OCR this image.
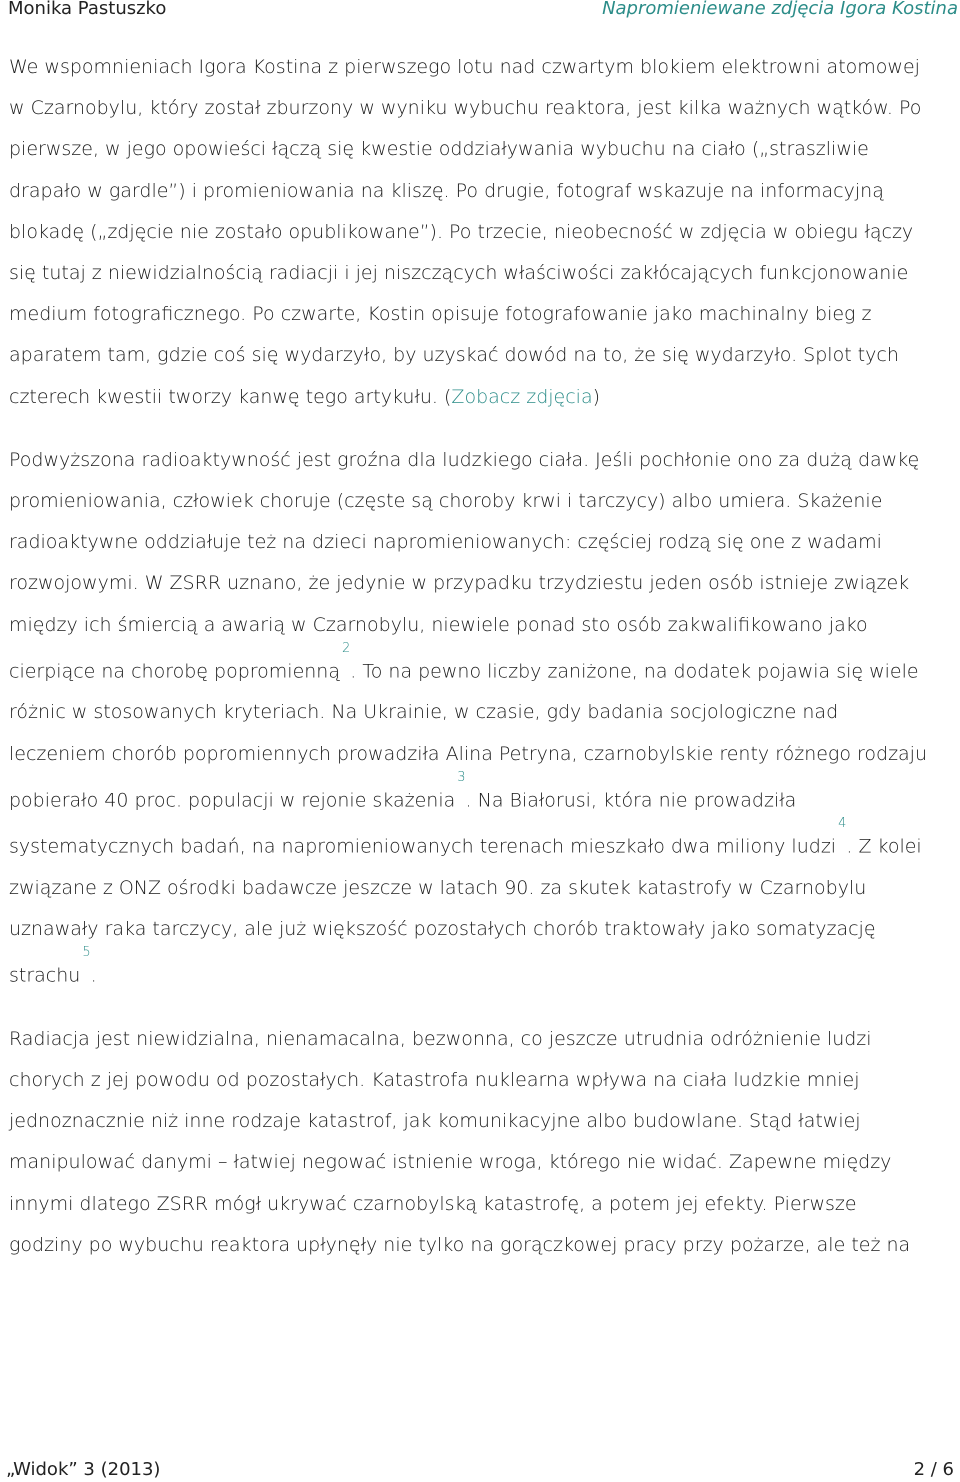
Monika Pastuszko	Napromieniewane zdjęcia Igora Kostina

We wspomnieniach Igora Kostina z pierwszego lotu nad czwartym blokiem elektrowni atomowej w Czarnobylu, który został zburzony w wyniku wybuchu reaktora, jest kilka ważnych wątków. Po pierwsze, w jego opowieści łączą się kwestie oddziaływania wybuchu na ciało („straszliwie drapało w gardle”) i promieniowania na kliszę. Po drugie, fotograf wskazuje na informacyjną blokadę („zdjęcie nie zostało opublikowane”). Po trzecie, nieobecność w zdjęcia w obiegu łączy się tutaj z niewidzialnością radiacji i jej niszczących właściwości zakłócających funkcjonowanie medium fotograficznego. Po czwarte, Kostin opisuje fotografowanie jako machinalny bieg z aparatem tam, gdzie coś się wydarzyło, by uzyskać dowód na to, że się wydarzyło. Splot tych czterech kwestii tworzy kanwę tego artykułu. (Zobacz zdjęcia)

Podwyższona radioaktywność jest groźna dla ludzkiego ciała. Jeśli pochłonie ono za dużą dawkę promieniowania, człowiek choruje (częste są choroby krwi i tarczycy) albo umiera. Skażenie radioaktywne oddziałuje też na dzieci napromieniowanych: częściej rodzą się one z wadami rozwojowymi. W ZSRR uznano, że jedynie w przypadku trzydziestu jeden osób istnieje związek między ich śmiercią a awarią w Czarnobylu, niewiele ponad sto osób zakwalifikowano jako cierpiące na chorobę popromienną$^2$. To na pewno liczby zaniżone, na dodatek pojawia się wiele różnic w stosowanych kryteriach. Na Ukrainie, w czasie, gdy badania socjologiczne nad leczeniem chorób popromiennych prowadziła Alina Petryna, czarnobylskie renty różnego rodzaju pobierało 40 proc. populacji w rejonie skażenia$^3$. Na Białorusi, która nie prowadziła systematycznych badań, na napromieniowanych terenach mieszkało dwa miliony ludzi$^4$. Z kolei związane z ONZ ośrodki badawcze jeszcze w latach 90. za skutek katastrofy w Czarnobylu uznawały raka tarczycy, ale już większość pozostałych chorób traktowały jako somatyzację strachu$^5$.

Radiacja jest niewidzialna, nienamacalna, bezwonna, co jeszcze utrudnia odróżnienie ludzi chorych z jej powodu od pozostałych. Katastrofa nuklearna wpływa na ciała ludzkie mniej jednoznacznie niż inne rodzaje katastrof, jak komunikacyjne albo budowlane. Stąd łatwiej manipulować danymi – łatwiej negować istnienie wroga, którego nie widać. Zapewne między innymi dlatego ZSRR mógł ukrywać czarnobylską katastrofę, a potem jej efekty. Pierwsze godziny po wybuchu reaktora upłynęły nie tylko na gorączkowej pracy przy pożarze, ale też na

„Widok” 3 (2013)	2 / 6
